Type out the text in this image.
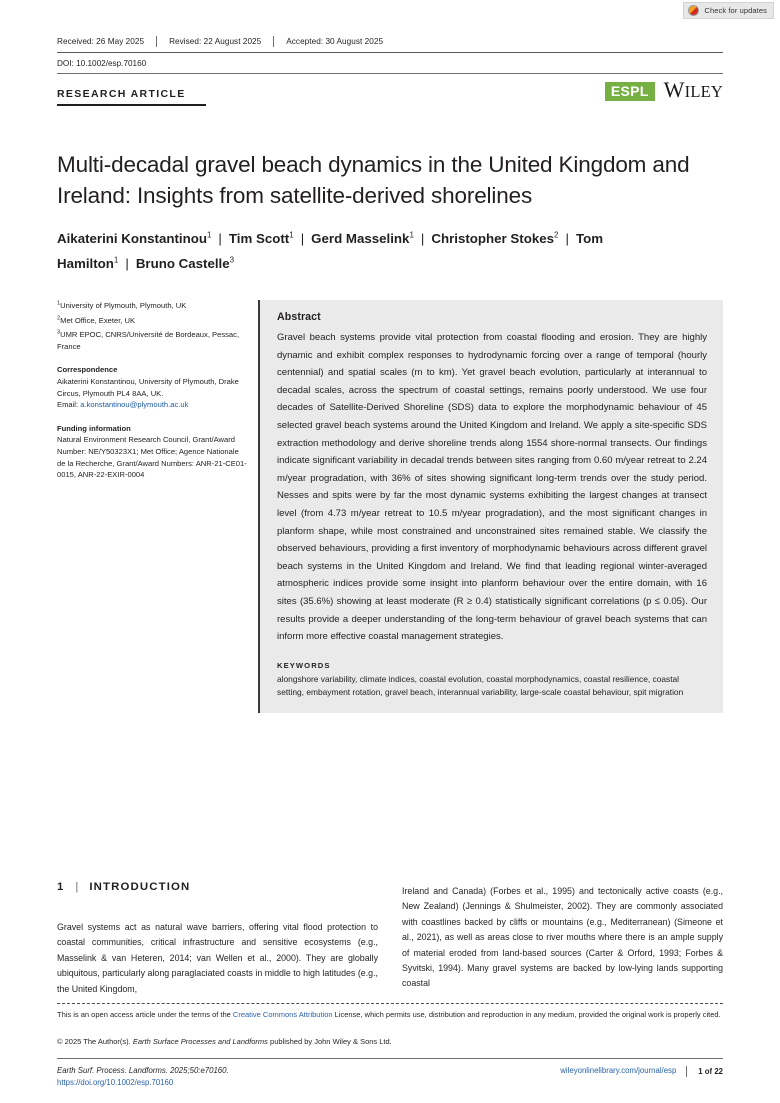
Check for updates
Received: 26 May 2025	Revised: 22 August 2025	Accepted: 30 August 2025
DOI: 10.1002/esp.70160
RESEARCH ARTICLE	ESPL WILEY
Multi-decadal gravel beach dynamics in the United Kingdom and Ireland: Insights from satellite-derived shorelines
Aikaterini Konstantinou$^1$ | Tim Scott$^1$ | Gerd Masselink$^1$ | Christopher Stokes$^2$ | Tom Hamilton$^1$ | Bruno Castelle$^3$

$^1$University of Plymouth, Plymouth, UK

$^2$Met Office, Exeter, UK

$^3$UMR EPOC, CNRS/Université de Bordeaux, Pessac, France

Correspondence

Aikaterini Konstantinou, University of Plymouth, Drake Circus, Plymouth PL4 8AA, UK.

Email: a.konstantinou@plymouth.ac.uk

Funding information

Natural Environment Research Council, Grant/Award Number: NE/Y50323X1; Met Office; Agence Nationale de la Recherche, Grant/Award Numbers: ANR-21-CE01-0015, ANR-22-EXIR-0004

Abstract

Gravel beach systems provide vital protection from coastal flooding and erosion. They are highly dynamic and exhibit complex responses to hydrodynamic forcing over a range of temporal (hourly centennial) and spatial scales (m to km). Yet gravel beach evolution, particularly at interannual to decadal scales, across the spectrum of coastal settings, remains poorly understood. We use four decades of Satellite-Derived Shoreline (SDS) data to explore the morphodynamic behaviour of 45 selected gravel beach systems around the United Kingdom and Ireland. We apply a site-specific SDS extraction methodology and derive shoreline trends along 1554 shore-normal transects. Our findings indicate significant variability in decadal trends between sites ranging from 0.60 m/year retreat to 2.24 m/year progradation, with 36% of sites showing significant long-term trends over the study period. Nesses and spits were by far the most dynamic systems exhibiting the largest changes at transect level (from 4.73 m/year retreat to 10.5 m/year progradation), and the most significant changes in planform shape, while most constrained and unconstrained sites remained stable. We classify the observed behaviours, providing a first inventory of morphodynamic behaviours across different gravel beach systems in the United Kingdom and Ireland. We find that leading regional winter-averaged atmospheric indices provide some insight into planform behaviour over the entire domain, with 16 sites (35.6%) showing at least moderate (R ≥ 0.4) statistically significant correlations (p ≤ 0.05). Our results provide a deeper understanding of the long-term behaviour of gravel beach systems that can inform more effective coastal management strategies.

KEYWORDS
alongshore variability, climate indices, coastal evolution, coastal morphodynamics, coastal resilience, coastal setting, embayment rotation, gravel beach, interannual variability, large-scale coastal behaviour, spit migration
1	| INTRODUCTION

Gravel systems act as natural wave barriers, offering vital flood protection to coastal communities, critical infrastructure and sensitive ecosystems (e.g., Masselink & van Heteren, 2014; van Wellen et al., 2000). They are globally ubiquitous, particularly along paraglaciated coasts in middle to high latitudes (e.g., the United Kingdom,

Ireland and Canada) (Forbes et al., 1995) and tectonically active coasts (e.g., New Zealand) (Jennings & Shulmeister, 2002). They are commonly associated with coastlines backed by cliffs or mountains (e.g., Mediterranean) (Simeone et al., 2021), as well as areas close to river mouths where there is an ample supply of material eroded from land-based sources (Carter & Orford, 1993; Forbes & Syvitski, 1994). Many gravel systems are backed by low-lying lands supporting coastal

This is an open access article under the terms of the Creative Commons Attribution License, which permits use, distribution and reproduction in any medium, provided the original work is properly cited.
© 2025 The Author(s). Earth Surface Processes and Landforms published by John Wiley & Sons Ltd.
Earth Surf. Process. Landforms. 2025;50:e70160.
https://doi.org/10.1002/esp.70160
wileyonlinelibrary.com/journal/esp	1 of 22
